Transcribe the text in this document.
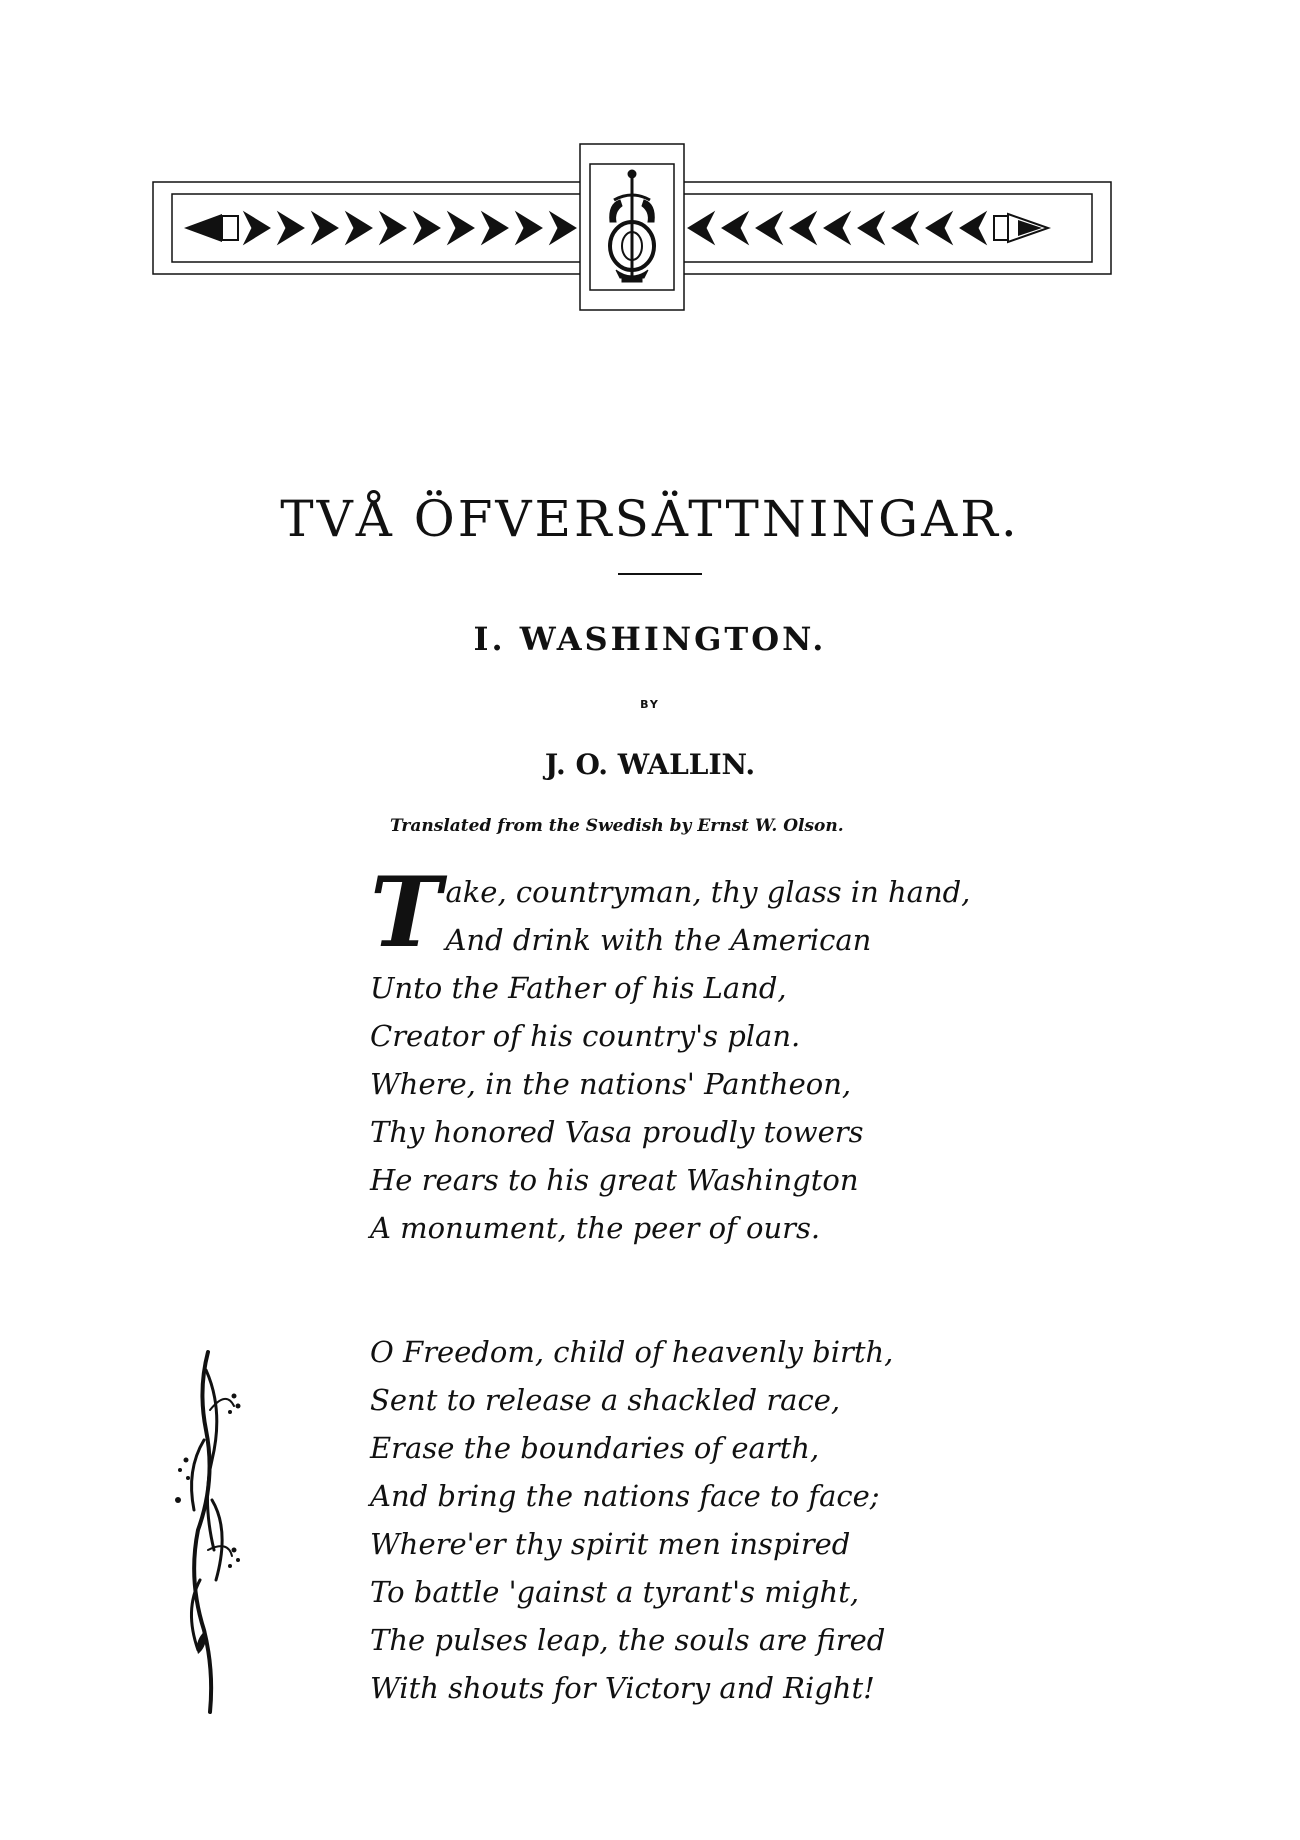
TVÅ ÖFVERSÄTTNINGAR.
I. WASHINGTON.
BY
J. O. WALLIN.
Translated from the Swedish by Ernst W. Olson.
T ake, countryman, thy glass in hand,
And drink with the American
Unto the Father of his Land,
Creator of his country's plan.
Where, in the nations' Pantheon,
Thy honored Vasa proudly towers
He rears to his great Washington
A monument, the peer of ours.
O Freedom, child of heavenly birth,
Sent to release a shackled race,
Erase the boundaries of earth,
And bring the nations face to face;
Where'er thy spirit men inspired
To battle 'gainst a tyrant's might,
The pulses leap, the souls are fired
With shouts for Victory and Right!
